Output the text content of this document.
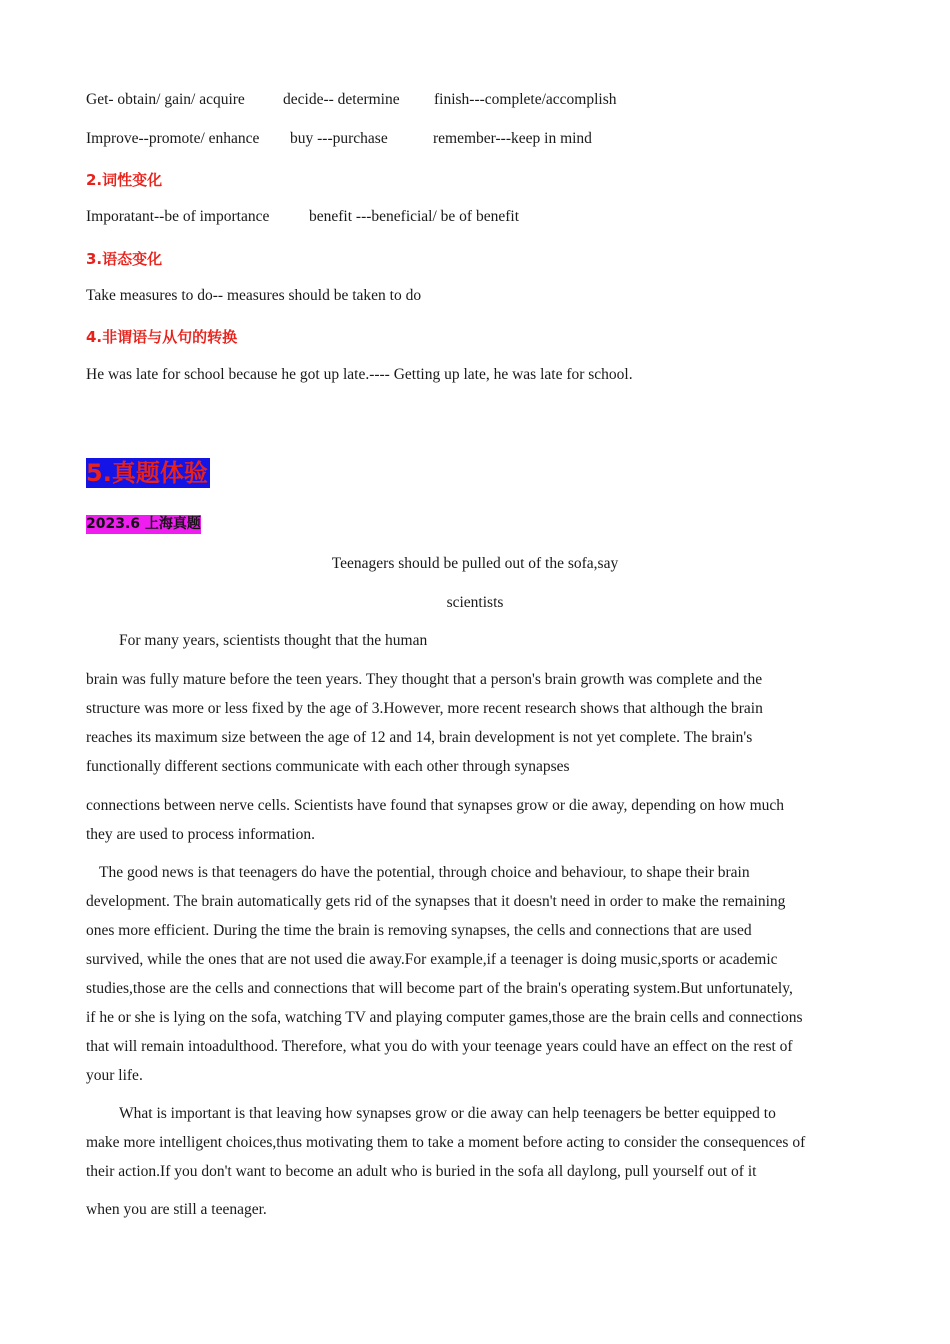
Get- obtain/ gain/ acquire decide-- determine finish---complete/accomplish
Improve--promote/ enhance buy ---purchase	remember---keep in mind
2.词性变化
Imporatant--be of importance	benefit ---beneficial/ be of benefit
3.语态变化
Take measures to do-- measures should be taken to do
4.非谓语与从句的转换
He was late for school because he got up late.---- Getting up late, he was late for school.
5.真题体验
2023.6 上海真题
Teenagers should be pulled out of the sofa,say
scientists
For many years, scientists thought that the human

brain was fully mature before the teen years. They thought that a person's brain growth was complete and the

structure was more or less fixed by the age of 3.However, more recent research shows that although the brain

reaches its maximum size between the age of 12 and 14, brain development is not yet complete. The brain's

functionally different sections communicate with each other through synapses

connections between nerve cells. Scientists have found that synapses grow or die away, depending on how much

they are used to process information.

The good news is that teenagers do have the potential, through choice and behaviour, to shape their brain

development. The brain automatically gets rid of the synapses that it doesn't need in order to make the remaining

ones more efficient. During the time the brain is removing synapses, the cells and connections that are used

survived, while the ones that are not used die away.For example,if a teenager is doing music,sports or academic

studies,those are the cells and connections that will become part of the brain's operating system.But unfortunately,

if he or she is lying on the sofa, watching TV and playing computer games,those are the brain cells and connections

that will remain intoadulthood. Therefore, what you do with your teenage years could have an effect on the rest of

your life.

What is important is that leaving how synapses grow or die away can help teenagers be better equipped to

make more intelligent choices,thus motivating them to take a moment before acting to consider the consequences of

their action.If you don't want to become an adult who is buried in the sofa all daylong, pull yourself out of it

when you are still a teenager.
